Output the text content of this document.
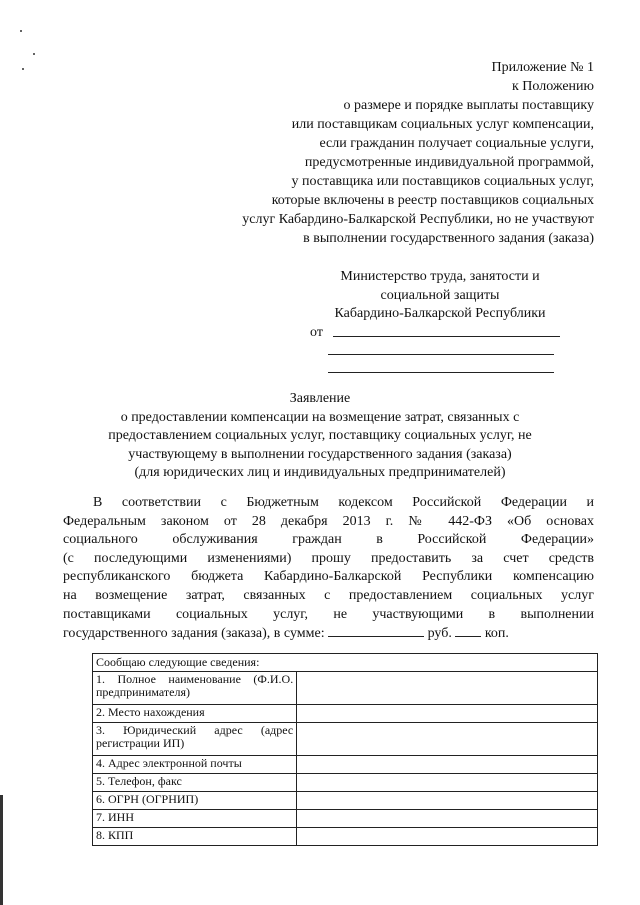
Приложение № 1
к Положению
о размере и порядке выплаты поставщику
или поставщикам социальных услуг компенсации,
если гражданин получает социальные услуги,
предусмотренные индивидуальной программой,
у поставщика или поставщиков социальных услуг,
которые включены в реестр поставщиков социальных
услуг Кабардино-Балкарской Республики, но не участвуют
в выполнении государственного задания (заказа)
Министерство труда, занятости и
социальной защиты
Кабардино-Балкарской Республики
от
Заявление
о предоставлении компенсации на возмещение затрат, связанных с
предоставлением социальных услуг, поставщику социальных услуг, не
участвующему в выполнении государственного задания (заказа)
(для юридических лиц и индивидуальных предпринимателей)
В соответствии с Бюджетным кодексом Российской Федерации и
Федеральным законом от 28 декабря 2013 г. № 442-ФЗ «Об основах
социального обслуживания граждан в Российской Федерации»
(с последующими изменениями) прошу предоставить за счет средств
республиканского бюджета Кабардино-Балкарской Республики компенсацию
на возмещение затрат, связанных с предоставлением социальных услуг
поставщиками социальных услуг, не участвующими в выполнении
государственного задания (заказа), в сумме:	руб. коп.
Сообщаю следующие сведения:	
1. Полное наименование (Ф.И.О. предпринимателя)	
2. Место нахождения	
3. Юридический адрес (адрес регистрации ИП)	
4. Адрес электронной почты	
5. Телефон, факс	
6. ОГРН (ОГРНИП)	
7. ИНН	
8. КПП	
